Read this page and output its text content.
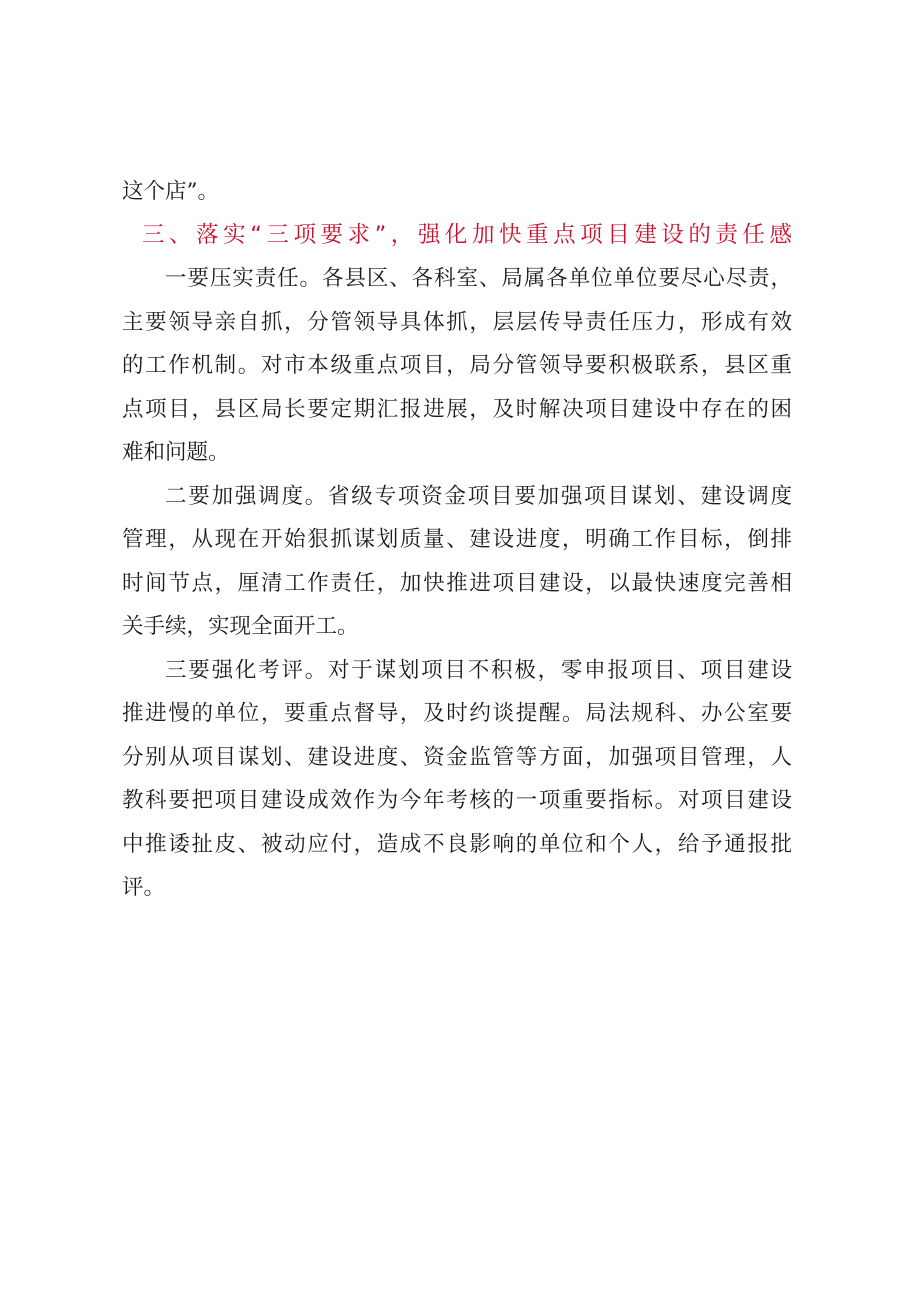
这个店”。
三、落实“三项要求”，强化加快重点项目建设的责任感
一要压实责任。各县区、各科室、局属各单位单位要尽心尽责，
主要领导亲自抓，分管领导具体抓，层层传导责任压力，形成有效
的工作机制。对市本级重点项目，局分管领导要积极联系，县区重
点项目，县区局长要定期汇报进展，及时解决项目建设中存在的困
难和问题。
二要加强调度。省级专项资金项目要加强项目谋划、建设调度
管理，从现在开始狠抓谋划质量、建设进度，明确工作目标，倒排
时间节点，厘清工作责任，加快推进项目建设，以最快速度完善相
关手续，实现全面开工。
三要强化考评。对于谋划项目不积极，零申报项目、项目建设
推进慢的单位，要重点督导，及时约谈提醒。局法规科、办公室要
分别从项目谋划、建设进度、资金监管等方面，加强项目管理，人
教科要把项目建设成效作为今年考核的一项重要指标。对项目建设
中推诿扯皮、被动应付，造成不良影响的单位和个人，给予通报批
评。
